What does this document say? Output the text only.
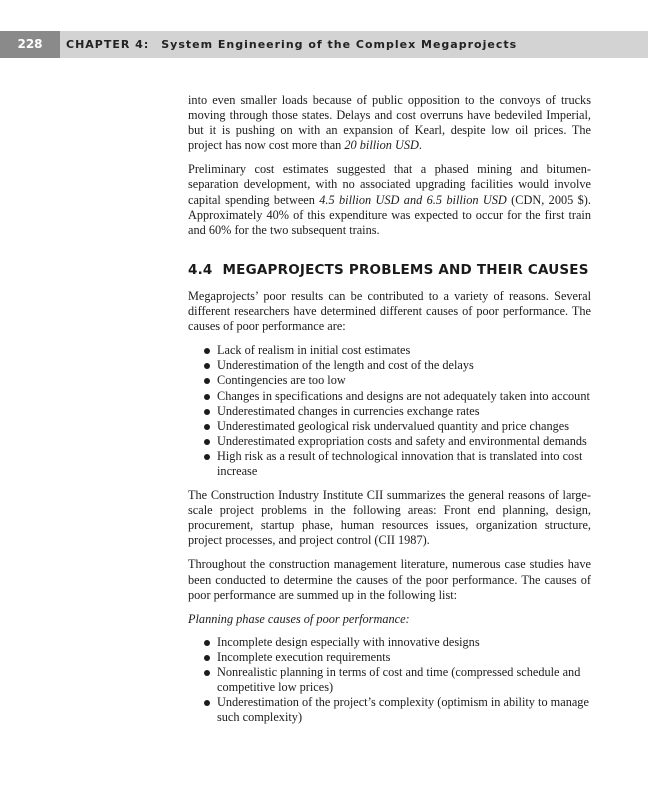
228	CHAPTER 4: System Engineering of the Complex Megaprojects

into even smaller loads because of public opposition to the convoys of trucks moving through those states. Delays and cost overruns have bedeviled Imperial, but it is pushing on with an expansion of Kearl, despite low oil prices. The project has now cost more than 20 billion USD.

Preliminary cost estimates suggested that a phased mining and bitumen-separation development, with no associated upgrading facilities would involve capital spending between 4.5 billion USD and 6.5 billion USD (CDN, 2005 $). Approximately 40% of this expenditure was expected to occur for the first train and 60% for the two subsequent trains.

4.4 MEGAPROJECTS PROBLEMS AND THEIR CAUSES

Megaprojects’ poor results can be contributed to a variety of reasons. Several different researchers have determined different causes of poor performance. The causes of poor performance are:

Lack of realism in initial cost estimates
Underestimation of the length and cost of the delays
Contingencies are too low
Changes in specifications and designs are not adequately taken into account
Underestimated changes in currencies exchange rates
Underestimated geological risk undervalued quantity and price changes
Underestimated expropriation costs and safety and environmental demands
High risk as a result of technological innovation that is translated into cost increase

The Construction Industry Institute CII summarizes the general reasons of large-scale project problems in the following areas: Front end planning, design, procurement, startup phase, human resources issues, organization structure, project processes, and project control (CII 1987).

Throughout the construction management literature, numerous case studies have been conducted to determine the causes of the poor performance. The causes of poor performance are summed up in the following list:

Planning phase causes of poor performance:

Incomplete design especially with innovative designs
Incomplete execution requirements
Nonrealistic planning in terms of cost and time (compressed schedule and competitive low prices)
Underestimation of the project’s complexity (optimism in ability to manage such complexity)
